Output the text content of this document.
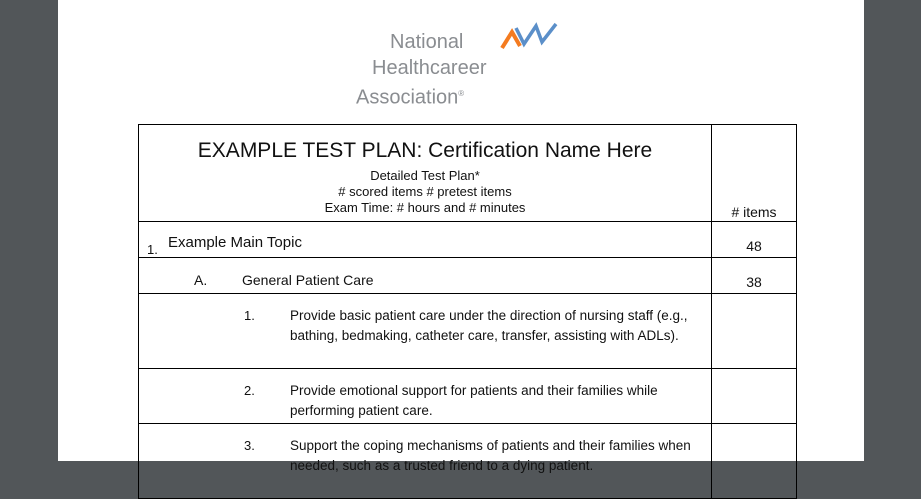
National
Healthcareer
Association®
EXAMPLE TEST PLAN: Certification Name Here
Detailed Test Plan*
# scored items # pretest items
Exam Time: # hours and # minutes	# items

1. Example Main Topic	48

A. General Patient Care	38

1. Provide basic patient care under the direction of nursing staff (e.g., bathing, bedmaking, catheter care, transfer, assisting with ADLs).	

2. Provide emotional support for patients and their families while performing patient care.	

3. Support the coping mechanisms of patients and their families when needed, such as a trusted friend to a dying patient.	
